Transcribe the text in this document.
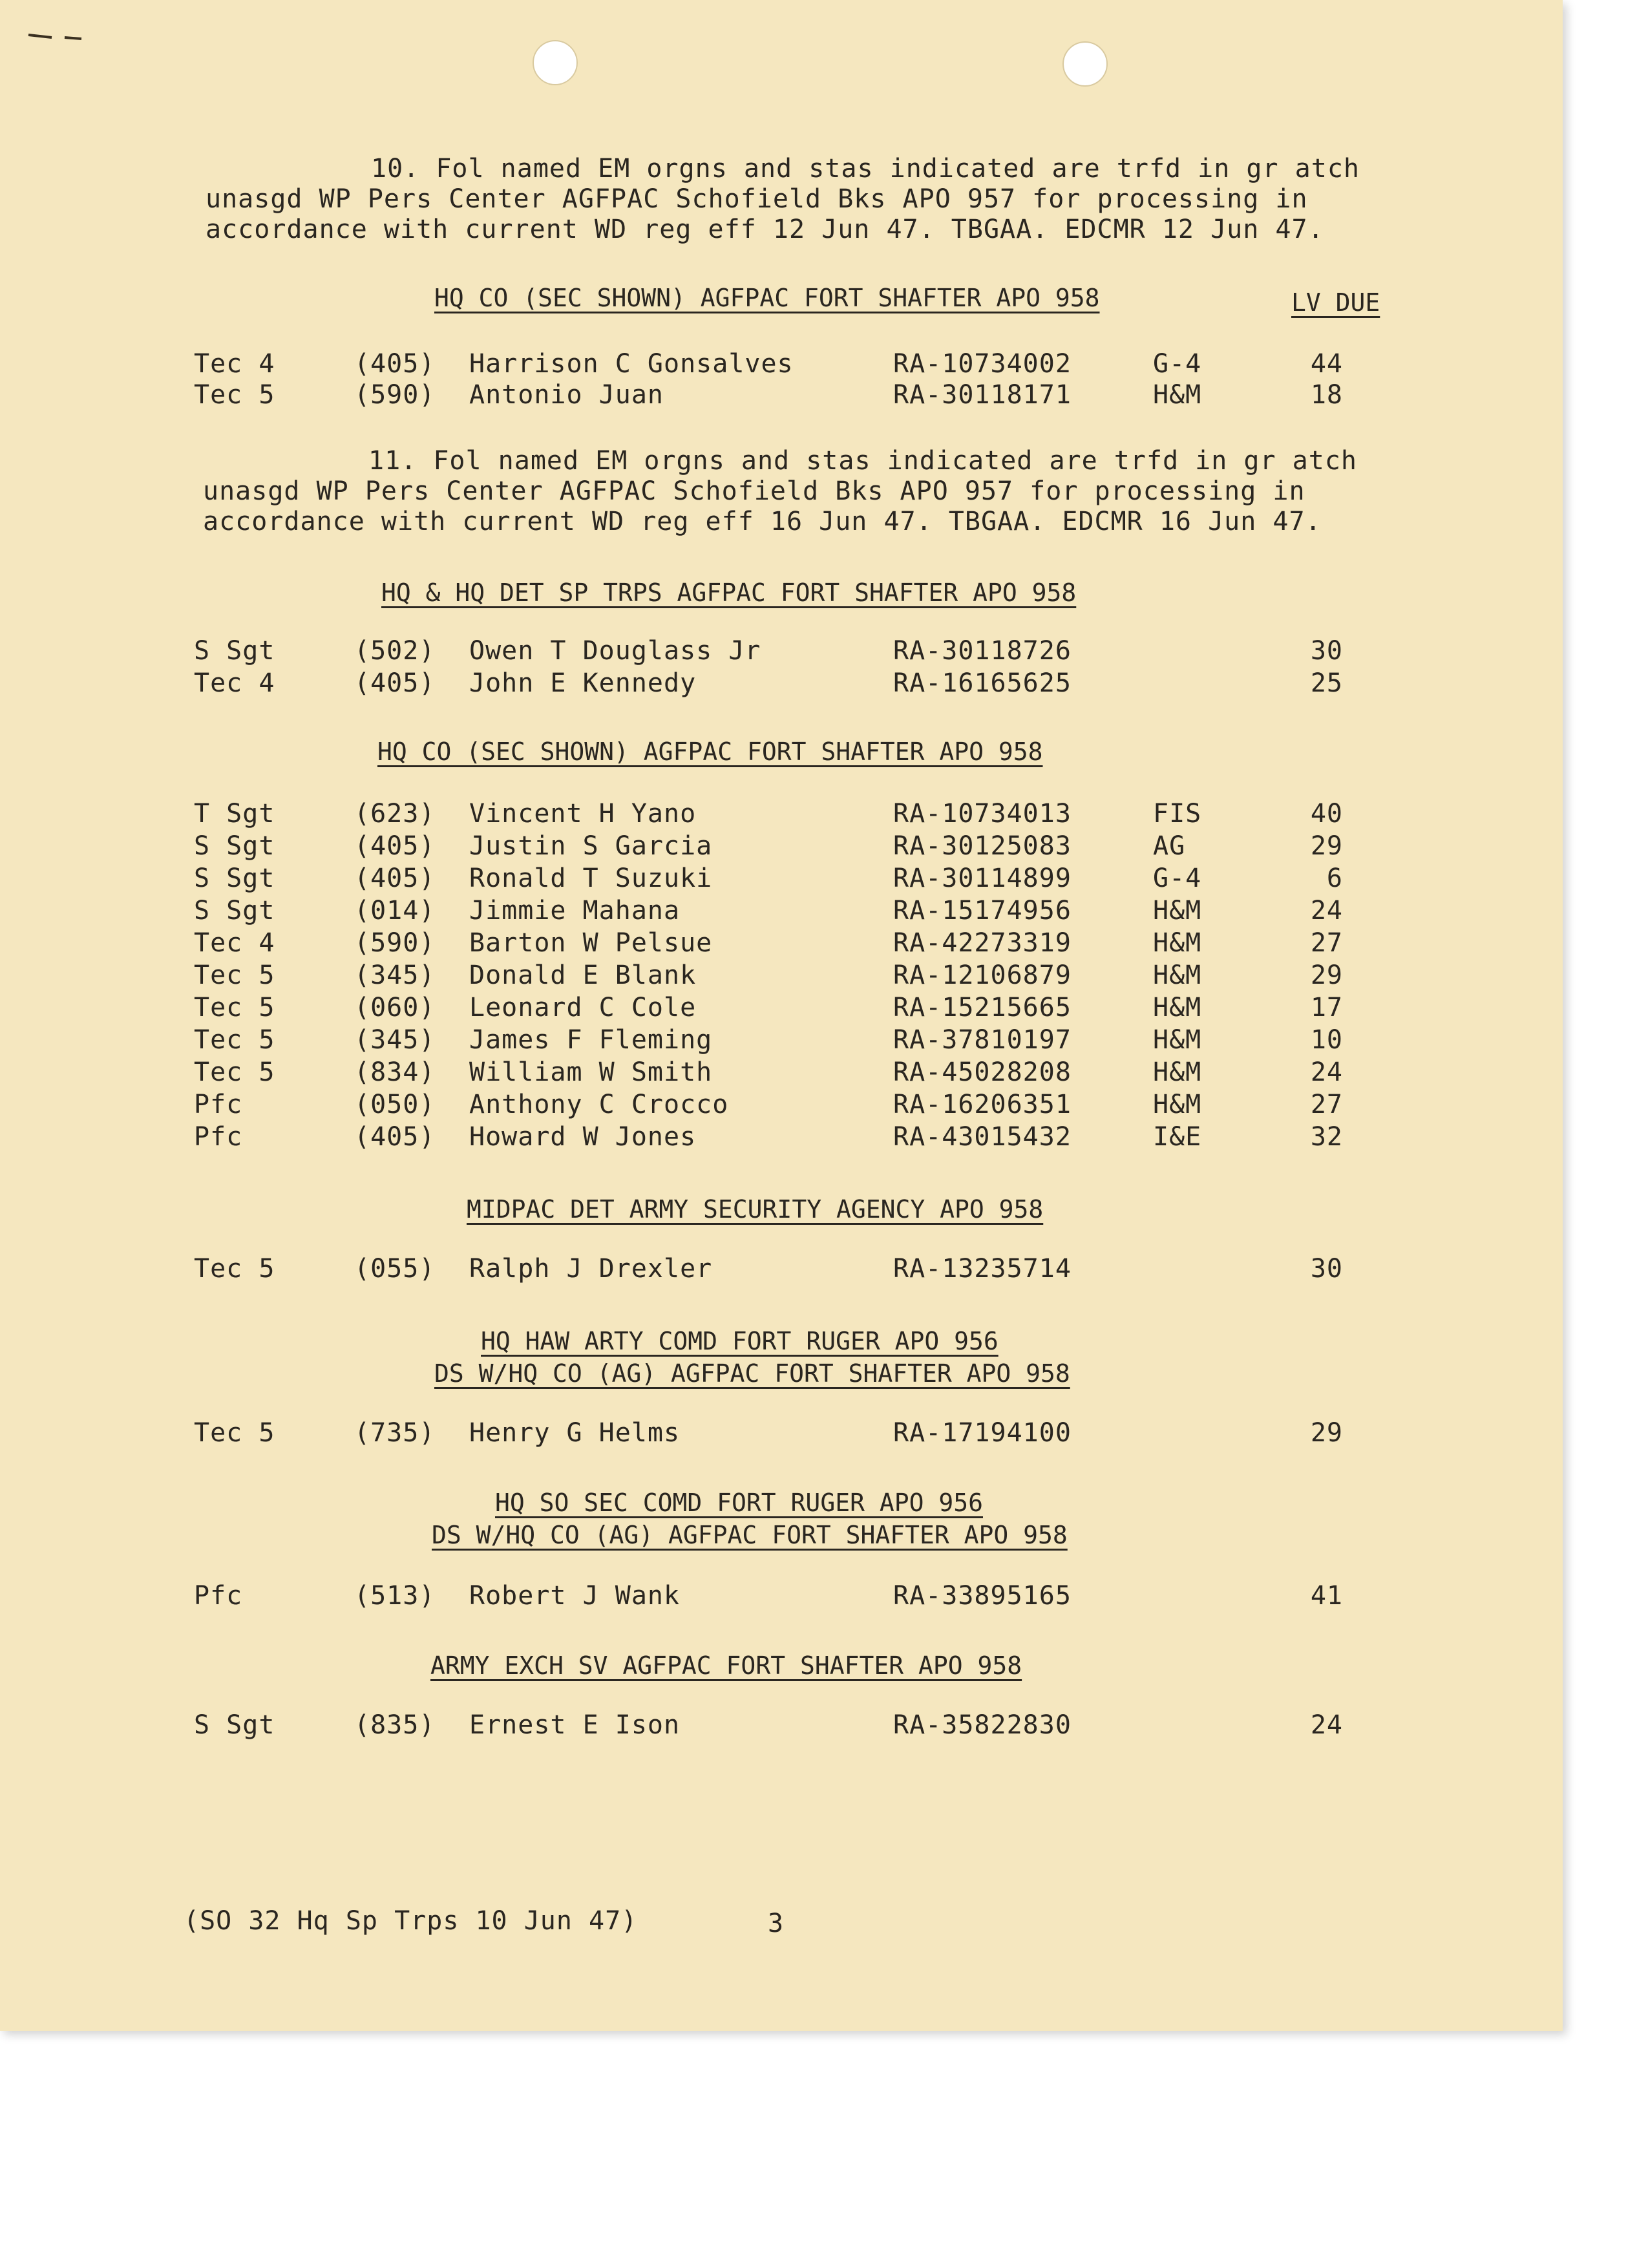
10. Fol named EM orgns and stas indicated are trfd in gr atch unasgd WP Pers Center AGFPAC Schofield Bks APO 957 for processing in accordance with current WD reg eff 12 Jun 47. TBGAA. EDCMR 12 Jun 47.
HQ CO (SEC SHOWN) AGFPAC FORT SHAFTER APO 958	LV DUE
Tec 4	(405) Harrison C Gonsalves	RA-10734002	G-4	44
Tec 5	(590) Antonio Juan	RA-30118171	H&M	18
11. Fol named EM orgns and stas indicated are trfd in gr atch unasgd WP Pers Center AGFPAC Schofield Bks APO 957 for processing in accordance with current WD reg eff 16 Jun 47. TBGAA. EDCMR 16 Jun 47.
HQ & HQ DET SP TRPS AGFPAC FORT SHAFTER APO 958
S Sgt	(502) Owen T Douglass Jr	RA-30118726	30
Tec 4	(405) John E Kennedy	RA-16165625	25
HQ CO (SEC SHOWN) AGFPAC FORT SHAFTER APO 958
T Sgt	(623) Vincent H Yano	RA-10734013	FIS	40
S Sgt	(405) Justin S Garcia	RA-30125083	AG	29
S Sgt	(405) Ronald T Suzuki	RA-30114899	G-4	6
S Sgt	(014) Jimmie Mahana	RA-15174956	H&M	24
Tec 4	(590) Barton W Pelsue	RA-42273319	H&M	27
Tec 5	(345) Donald E Blank	RA-12106879	H&M	29
Tec 5	(060) Leonard C Cole	RA-15215665	H&M	17
Tec 5	(345) James F Fleming	RA-37810197	H&M	10
Tec 5	(834) William W Smith	RA-45028208	H&M	24
Pfc	(050) Anthony C Crocco	RA-16206351	H&M	27
Pfc	(405) Howard W Jones	RA-43015432	I&E	32
MIDPAC DET ARMY SECURITY AGENCY APO 958
Tec 5	(055) Ralph J Drexler	RA-13235714	30
HQ HAW ARTY COMD FORT RUGER APO 956
DS W/HQ CO (AG) AGFPAC FORT SHAFTER APO 958
Tec 5	(735) Henry G Helms	RA-17194100	29
HQ SO SEC COMD FORT RUGER APO 956
DS W/HQ CO (AG) AGFPAC FORT SHAFTER APO 958
Pfc	(513) Robert J Wank	RA-33895165	41
ARMY EXCH SV AGFPAC FORT SHAFTER APO 958
S Sgt	(835) Ernest E Ison	RA-35822830	24
(SO 32 Hq Sp Trps 10 Jun 47)	3
